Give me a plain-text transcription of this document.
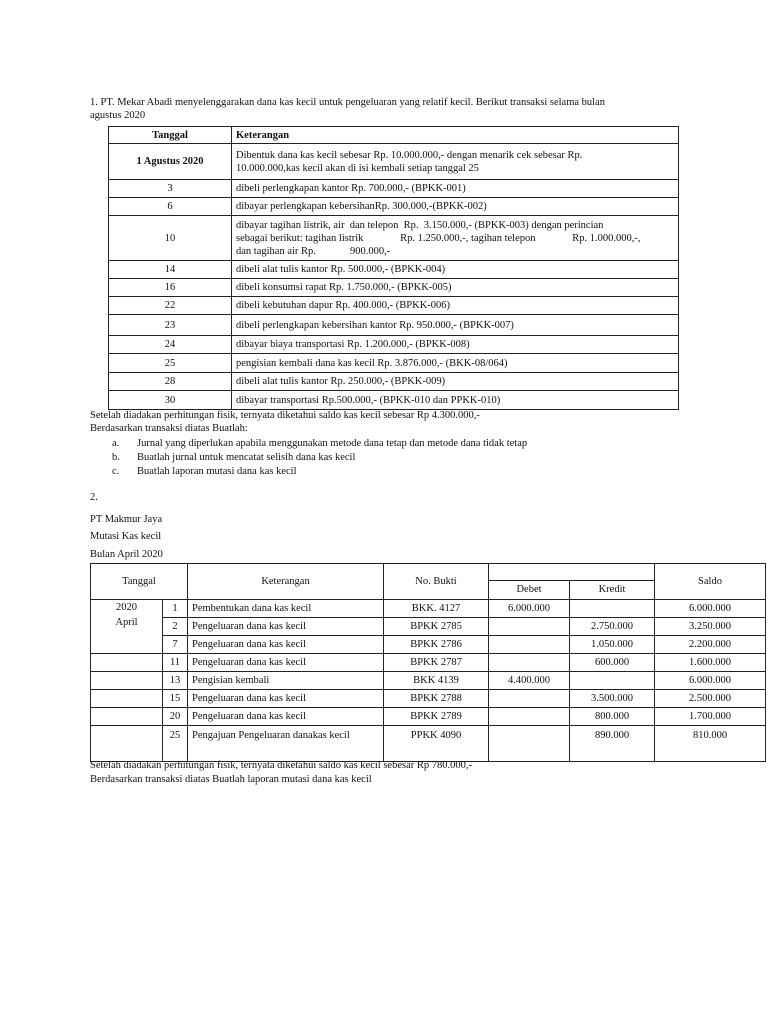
1. PT. Mekar Abadi menyelenggarakan dana kas kecil untuk pengeluaran yang relatif kecil. Berikut transaksi selama bulan
agustus 2020
Tanggal	Keterangan
1 Agustus 2020	Dibentuk dana kas kecil sebesar Rp. 10.000.000,- dengan menarik cek sebesar Rp.
10.000.000,kas kecil akan di isi kembali setiap tanggal 25

3	dibeli perlengkapan kantor Rp. 700.000,- (BPKK-001)

6	dibayar perlengkapan kebersihanRp. 300.000,-(BPKK-002)

10	dibayar tagihan listrik, air  dan telepon  Rp.  3.150.000,- (BPKK-003) dengan perincian
sebagai berikut: tagihan listrik              Rp. 1.250.000,-, tagihan telepon              Rp. 1.000.000,-,
dan tagihan air Rp.             900.000,-

14	dibeli alat tulis kantor Rp. 500.000,- (BPKK-004)

16	dibeli konsumsi rapat Rp. 1.750.000,- (BPKK-005)

22	dibeli kebutuhan dapur Rp. 400.000,- (BPKK-006)

23	dibeli perlengkapan kebersihan kantor Rp. 950.000,- (BPKK-007)

24	dibayar biaya transportasi Rp. 1.200.000,- (BPKK-008)

25	pengisian kembali dana kas kecil Rp. 3.876.000,- (BKK-08/064)

28	dibeli alat tulis kantor Rp. 250.000,- (BPKK-009)

30	dibayar transportasi Rp.500.000,- (BPKK-010 dan PPKK-010)
Setelah diadakan perhitungan fisik, ternyata diketahui saldo kas kecil sebesar Rp 4.300.000,-
Berdasarkan transaksi diatas Buatlah:
a. Jurnal yang diperlukan apabila menggunakan metode dana tetap dan metode dana tidak tetap
b. Buatlah jurnal untuk mencatat selisih dana kas kecil
c. Buatlah laporan mutasi dana kas kecil
2.
PT Makmur Jaya
Mutasi Kas kecil
Bulan April 2020
Tanggal		Keterangan	No. Bukti			Saldo
				Debet	Kredit	

2020
April	1	Pembentukan dana kas kecil	BKK. 4127	6.000.000		6.000.000
	2	Pengeluaran dana kas kecil	BPKK 2785		2.750.000	3.250.000
	7	Pengeluaran dana kas kecil	BPKK 2786		1.050.000	2.200.000
	11	Pengeluaran dana kas kecil	BPKK 2787		600.000	1.600.000
	13	Pengisian kembali	BKK 4139	4.400.000		6.000.000
	15	Pengeluaran dana kas kecil	BPKK 2788		3.500.000	2.500.000
	20	Pengeluaran dana kas kecil	BPKK 2789		800.000	1.700.000
	25	Pengajuan Pengeluaran danakas kecil	PPKK 4090		890.000	810.000
Setelah diadakan perhitungan fisik, ternyata diketahui saldo kas kecil sebesar Rp 780.000,-
Berdasarkan transaksi diatas Buatlah laporan mutasi dana kas kecil
